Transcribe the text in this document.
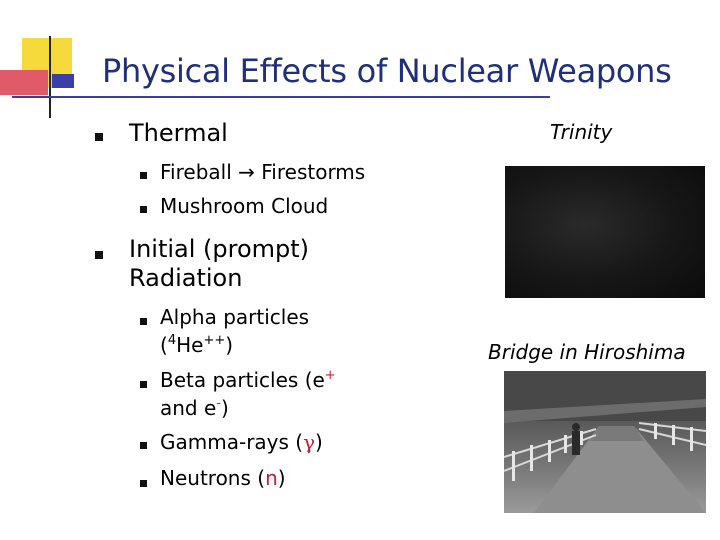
Physical Effects of Nuclear Weapons
Thermal
Fireball → Firestorms
Mushroom Cloud
Initial (prompt)
Radiation
Alpha particles
($^4$He++)
Beta particles (e+
and e-)
Gamma-rays (γ)
Neutrons (n)
Trinity
Bridge in Hiroshima
